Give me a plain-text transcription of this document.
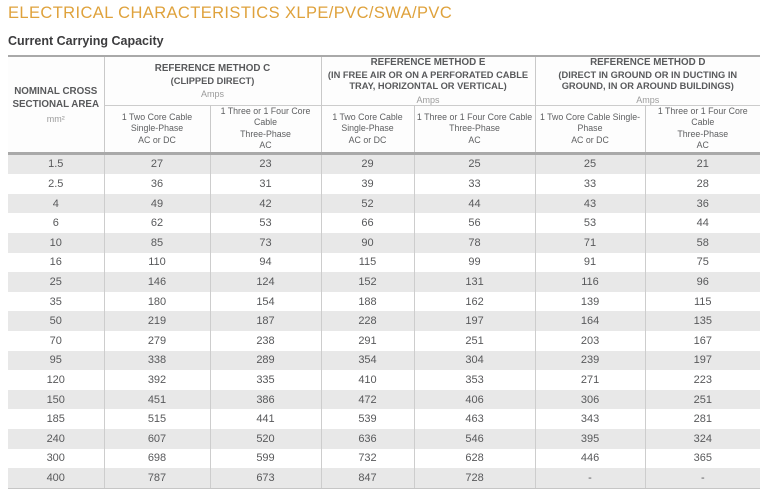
ELECTRICAL CHARACTERISTICS XLPE/PVC/SWA/PVC
Current Carrying Capacity
NOMINAL CROSS
SECTIONAL AREA
mm²

REFERENCE METHOD C
(CLIPPED DIRECT)
Amps

REFERENCE METHOD E
(IN FREE AIR OR ON A PERFORATED CABLE TRAY, HORIZONTAL OR VERTICAL)
Amps

REFERENCE METHOD D
(DIRECT IN GROUND OR IN DUCTING IN GROUND, IN OR AROUND BUILDINGS)
Amps

1 Two Core Cable
Single-Phase
AC or DC

1 Three or 1 Four Core Cable
Three-Phase
AC

1 Two Core Cable
Single-Phase
AC or DC

1 Three or 1 Four Core Cable
Three-Phase
AC

1 Two Core Cable Single-
Phase
AC or DC

1 Three or 1 Four Core Cable
Three-Phase
AC

1.5	27	23	29	25	25	21
2.5	36	31	39	33	33	28
4	49	42	52	44	43	36
6	62	53	66	56	53	44
10	85	73	90	78	71	58
16	110	94	115	99	91	75
25	146	124	152	131	116	96
35	180	154	188	162	139	115
50	219	187	228	197	164	135
70	279	238	291	251	203	167
95	338	289	354	304	239	197
120	392	335	410	353	271	223
150	451	386	472	406	306	251
185	515	441	539	463	343	281
240	607	520	636	546	395	324
300	698	599	732	628	446	365
400	787	673	847	728	-	-
